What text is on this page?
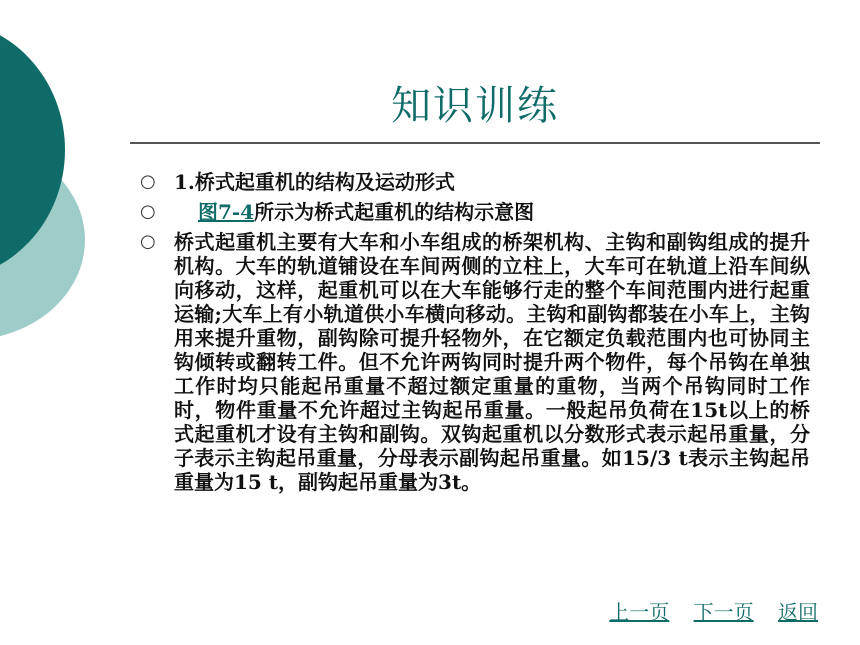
知识训练
○ 1.桥式起重机的结构及运动形式
○	图7-4所示为桥式起重机的结构示意图
○ 桥式起重机主要有大车和小车组成的桥架机构、主钩和副钩组成的提升机构。大车的轨道铺设在车间两侧的立柱上，大车可在轨道上沿车间纵向移动，这样，起重机可以在大车能够行走的整个车间范围内进行起重运输;大车上有小轨道供小车横向移动。主钩和副钩都装在小车上，主钩用来提升重物，副钩除可提升轻物外，在它额定负载范围内也可协同主钩倾转或翻转工件。但不允许两钩同时提升两个物件，每个吊钩在单独工作时均只能起吊重量不超过额定重量的重物，当两个吊钩同时工作时，物件重量不允许超过主钩起吊重量。一般起吊负荷在15t以上的桥式起重机才设有主钩和副钩。双钩起重机以分数形式表示起吊重量，分子表示主钩起吊重量，分母表示副钩起吊重量。如15/3 t表示主钩起吊重量为15 t，副钩起吊重量为3t。
上一页 下一页 返回
